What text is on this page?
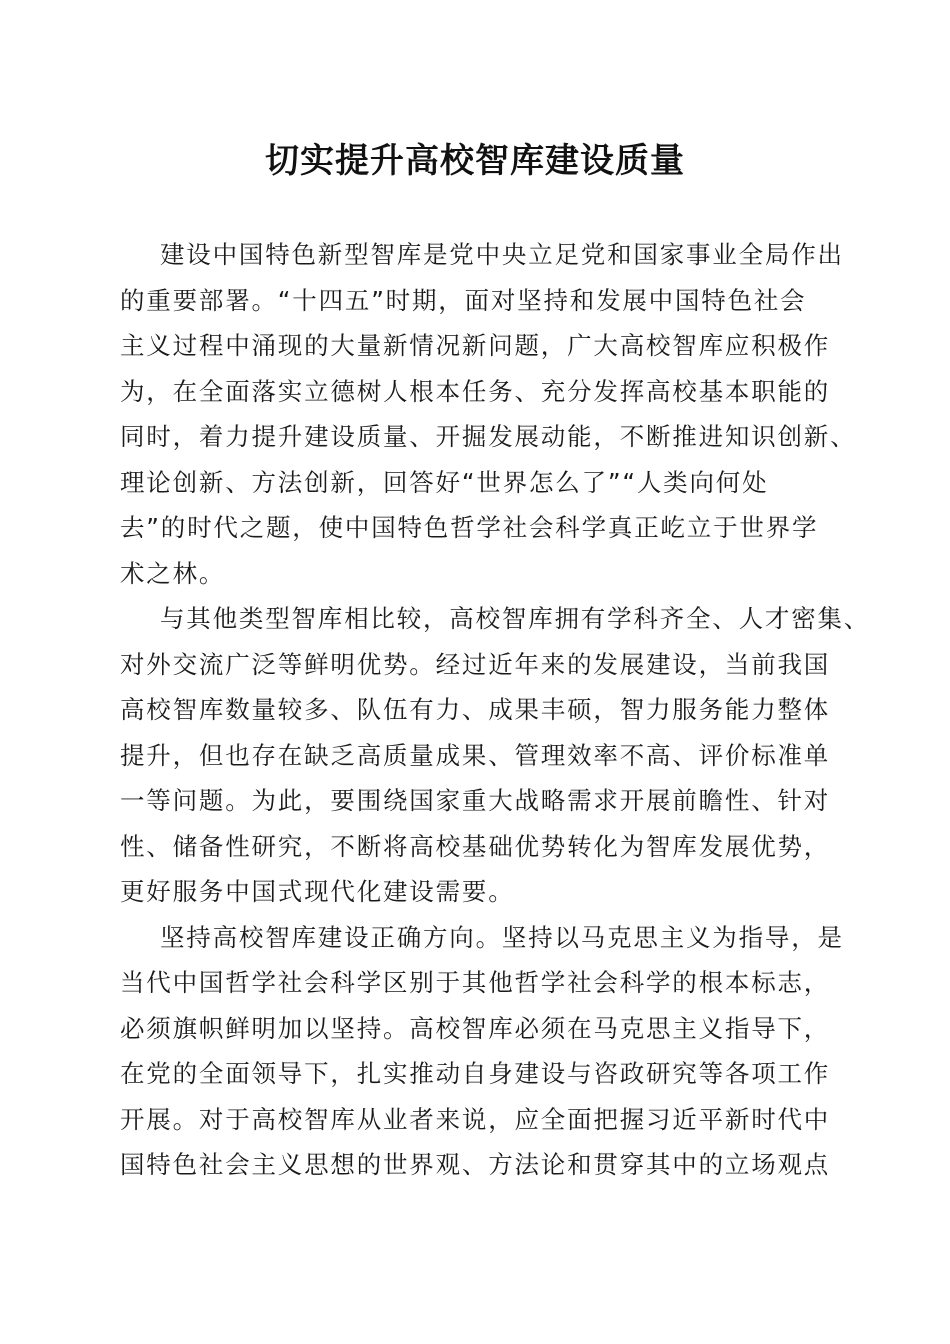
切实提升高校智库建设质量
建设中国特色新型智库是党中央立足党和国家事业全局作出
的重要部署。“十四五”时期，面对坚持和发展中国特色社会
主义过程中涌现的大量新情况新问题，广大高校智库应积极作
为，在全面落实立德树人根本任务、充分发挥高校基本职能的
同时，着力提升建设质量、开掘发展动能，不断推进知识创新、
理论创新、方法创新，回答好“世界怎么了”“人类向何处
去”的时代之题，使中国特色哲学社会科学真正屹立于世界学
术之林。
与其他类型智库相比较，高校智库拥有学科齐全、人才密集、
对外交流广泛等鲜明优势。经过近年来的发展建设，当前我国
高校智库数量较多、队伍有力、成果丰硕，智力服务能力整体
提升，但也存在缺乏高质量成果、管理效率不高、评价标准单
一等问题。为此，要围绕国家重大战略需求开展前瞻性、针对
性、储备性研究，不断将高校基础优势转化为智库发展优势，
更好服务中国式现代化建设需要。
坚持高校智库建设正确方向。坚持以马克思主义为指导，是
当代中国哲学社会科学区别于其他哲学社会科学的根本标志，
必须旗帜鲜明加以坚持。高校智库必须在马克思主义指导下，
在党的全面领导下，扎实推动自身建设与咨政研究等各项工作
开展。对于高校智库从业者来说，应全面把握习近平新时代中
国特色社会主义思想的世界观、方法论和贯穿其中的立场观点
